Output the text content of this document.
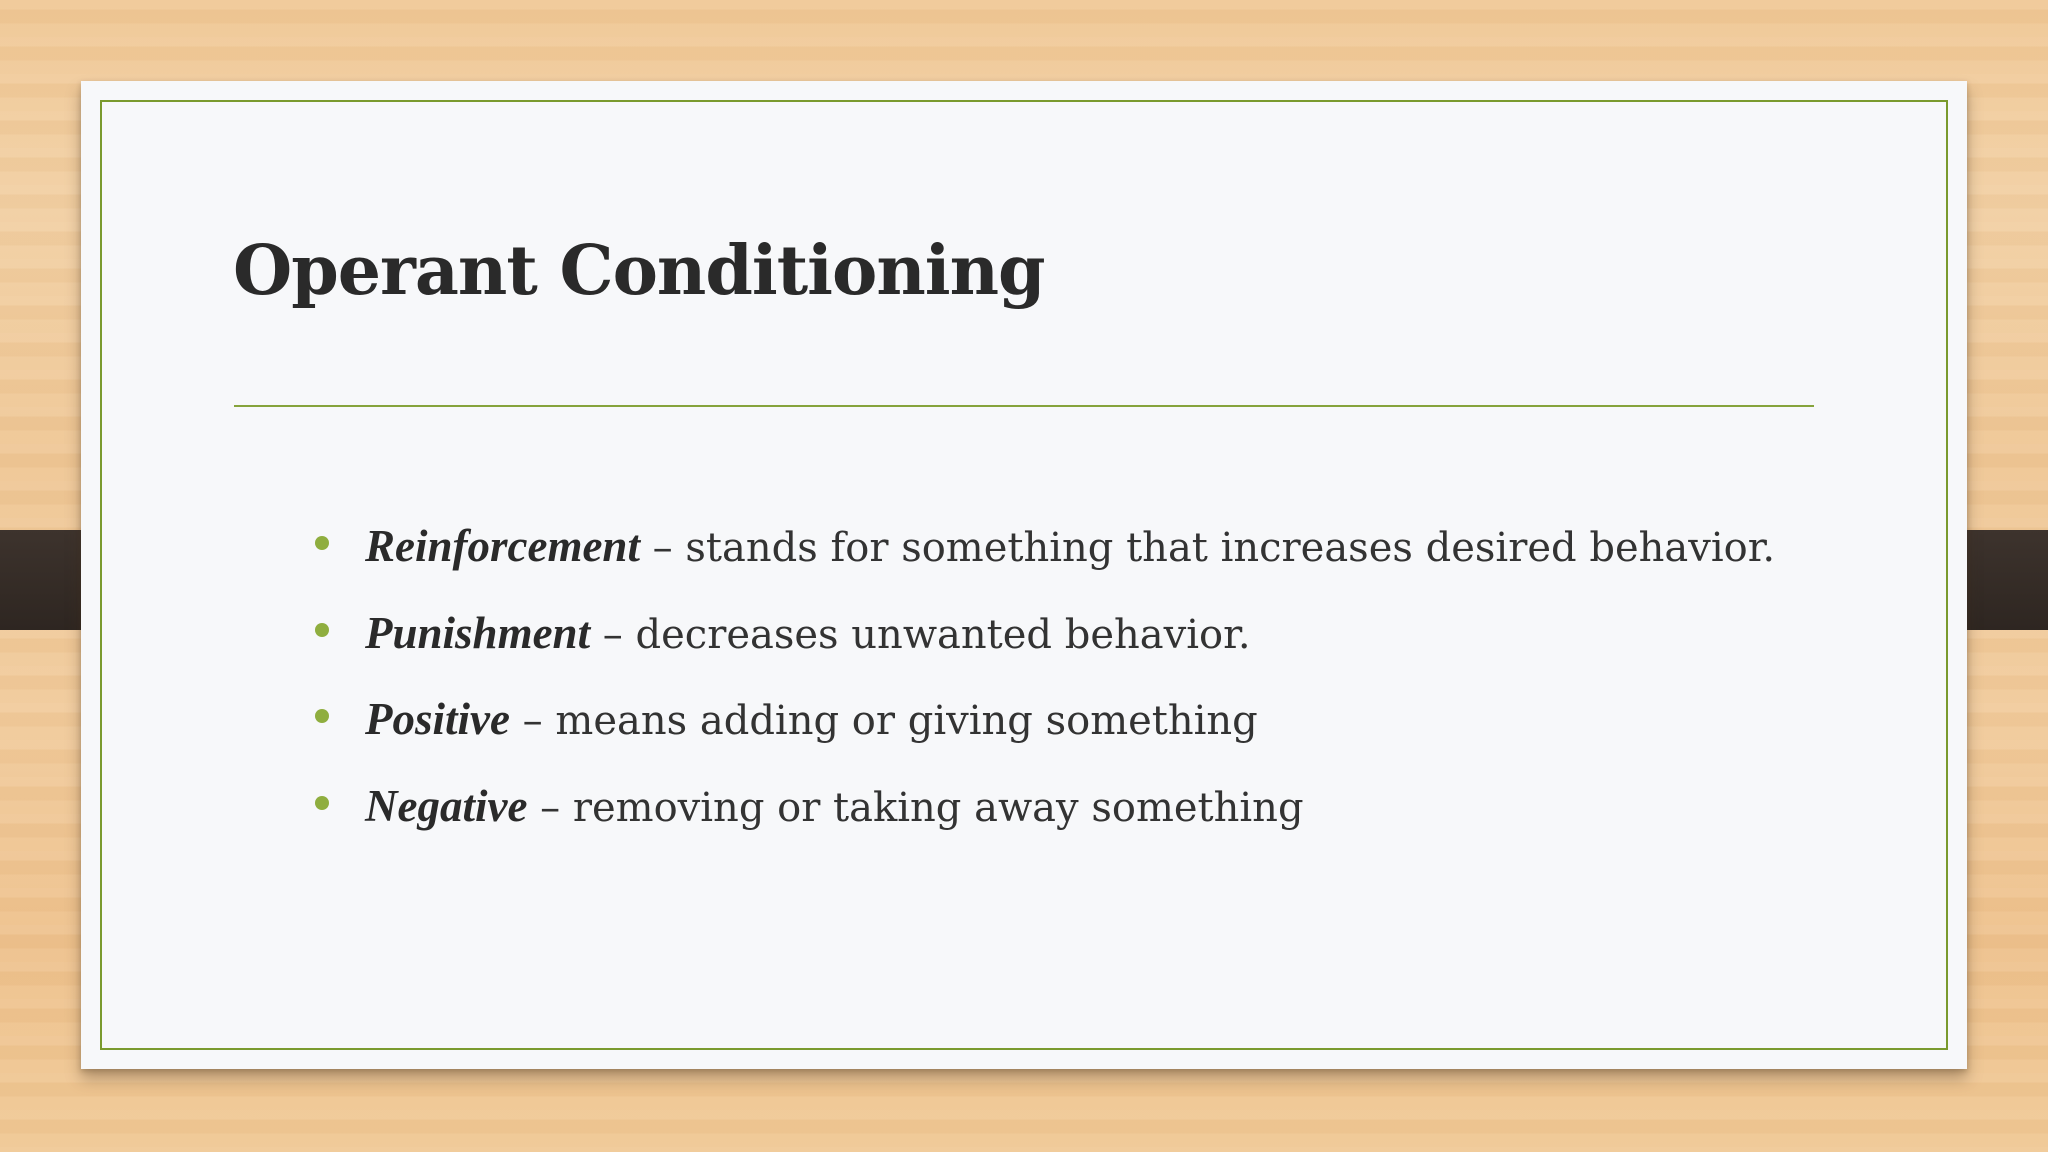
Operant Conditioning
Reinforcement – stands for something that increases desired behavior.
Punishment – decreases unwanted behavior.
Positive – means adding or giving something
Negative – removing or taking away something
